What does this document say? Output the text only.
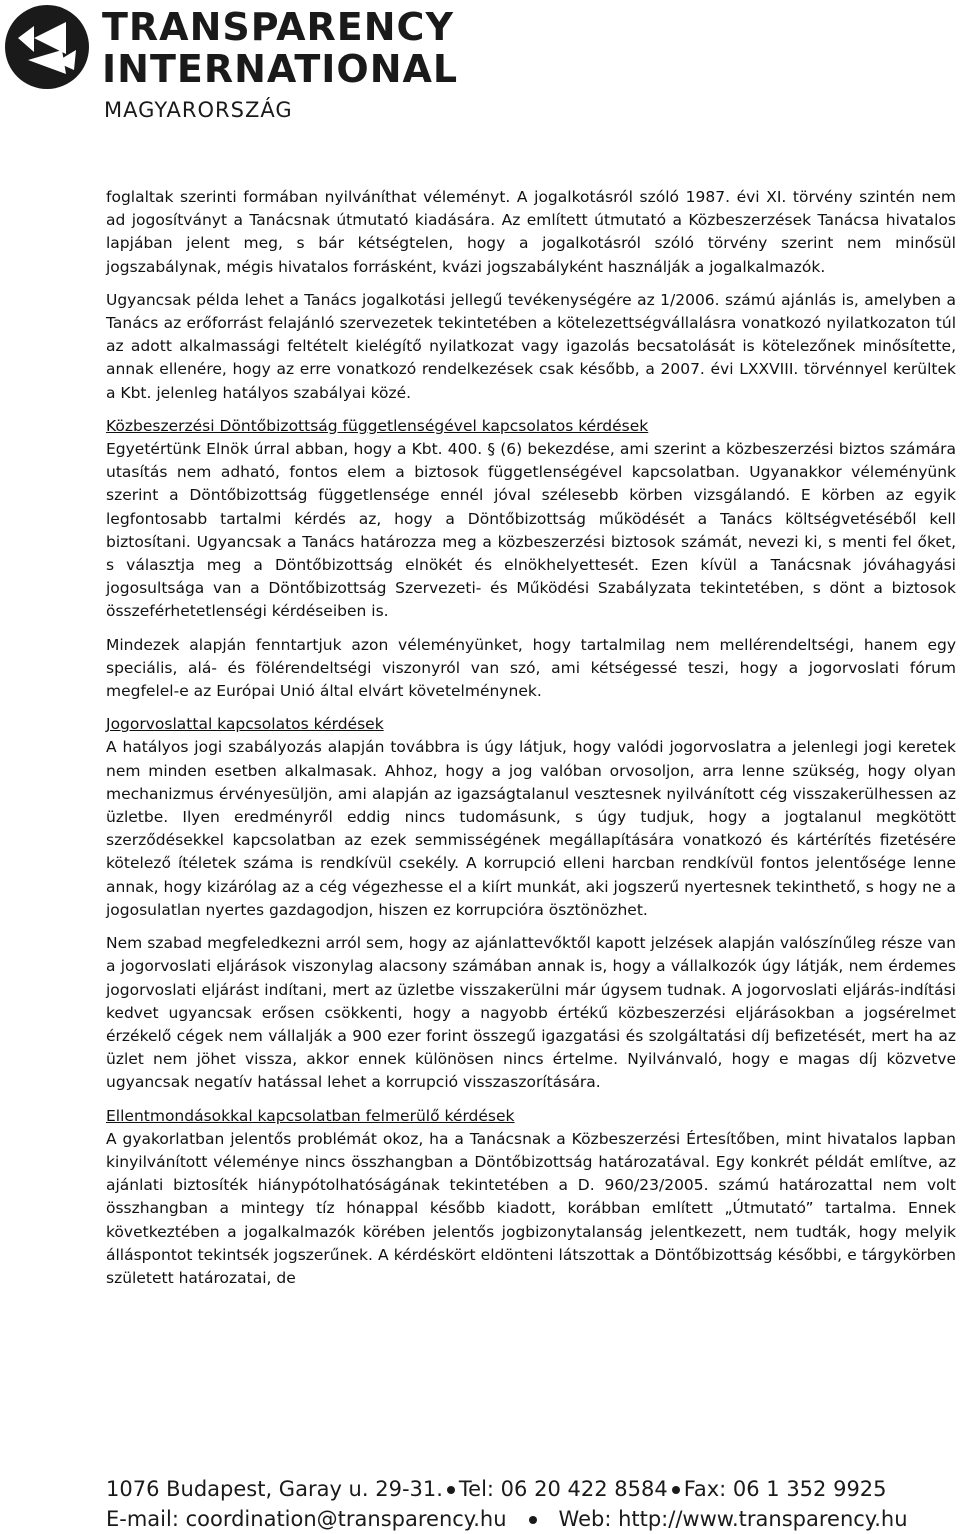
TRANSPARENCY
INTERNATIONAL
MAGYARORSZÁG

foglaltak szerinti formában nyilváníthat véleményt. A jogalkotásról szóló 1987. évi XI. törvény szintén nem ad jogosítványt a Tanácsnak útmutató kiadására. Az említett útmutató a Közbeszerzések Tanácsa hivatalos lapjában jelent meg, s bár kétségtelen, hogy a jogalkotásról szóló törvény szerint nem minősül jogszabálynak, mégis hivatalos forrásként, kvázi jogszabályként használják a jogalkalmazók.

Ugyancsak példa lehet a Tanács jogalkotási jellegű tevékenységére az 1/2006. számú ajánlás is, amelyben a Tanács az erőforrást felajánló szervezetek tekintetében a kötelezettségvállalásra vonatkozó nyilatkozaton túl az adott alkalmassági feltételt kielégítő nyilatkozat vagy igazolás becsatolását is kötelezőnek minősítette, annak ellenére, hogy az erre vonatkozó rendelkezések csak később, a 2007. évi LXXVIII. törvénnyel kerültek a Kbt. jelenleg hatályos szabályai közé.

Közbeszerzési Döntőbizottság függetlenségével kapcsolatos kérdések

Egyetértünk Elnök úrral abban, hogy a Kbt. 400. § (6) bekezdése, ami szerint a közbeszerzési biztos számára utasítás nem adható, fontos elem a biztosok függetlenségével kapcsolatban. Ugyanakkor véleményünk szerint a Döntőbizottság függetlensége ennél jóval szélesebb körben vizsgálandó. E körben az egyik legfontosabb tartalmi kérdés az, hogy a Döntőbizottság működését a Tanács költségvetéséből kell biztosítani. Ugyancsak a Tanács határozza meg a közbeszerzési biztosok számát, nevezi ki, s menti fel őket, s választja meg a Döntőbizottság elnökét és elnökhelyettesét. Ezen kívül a Tanácsnak jóváhagyási jogosultsága van a Döntőbizottság Szervezeti- és Működési Szabályzata tekintetében, s dönt a biztosok összeférhetetlenségi kérdéseiben is.

Mindezek alapján fenntartjuk azon véleményünket, hogy tartalmilag nem mellérendeltségi, hanem egy speciális, alá- és fölérendeltségi viszonyról van szó, ami kétségessé teszi, hogy a jogorvoslati fórum megfelel-e az Európai Unió által elvárt követelménynek.

Jogorvoslattal kapcsolatos kérdések

A hatályos jogi szabályozás alapján továbbra is úgy látjuk, hogy valódi jogorvoslatra a jelenlegi jogi keretek nem minden esetben alkalmasak. Ahhoz, hogy a jog valóban orvosoljon, arra lenne szükség, hogy olyan mechanizmus érvényesüljön, ami alapján az igazságtalanul vesztesnek nyilvánított cég visszakerülhessen az üzletbe. Ilyen eredményről eddig nincs tudomásunk, s úgy tudjuk, hogy a jogtalanul megkötött szerződésekkel kapcsolatban az ezek semmisségének megállapítására vonatkozó és kártérítés fizetésére kötelező ítéletek száma is rendkívül csekély. A korrupció elleni harcban rendkívül fontos jelentősége lenne annak, hogy kizárólag az a cég végezhesse el a kiírt munkát, aki jogszerű nyertesnek tekinthető, s hogy ne a jogosulatlan nyertes gazdagodjon, hiszen ez korrupcióra ösztönözhet.

Nem szabad megfeledkezni arról sem, hogy az ajánlattevőktől kapott jelzések alapján valószínűleg része van a jogorvoslati eljárások viszonylag alacsony számában annak is, hogy a vállalkozók úgy látják, nem érdemes jogorvoslati eljárást indítani, mert az üzletbe visszakerülni már úgysem tudnak. A jogorvoslati eljárás-indítási kedvet ugyancsak erősen csökkenti, hogy a nagyobb értékű közbeszerzési eljárásokban a jogsérelmet érzékelő cégek nem vállalják a 900 ezer forint összegű igazgatási és szolgáltatási díj befizetését, mert ha az üzlet nem jöhet vissza, akkor ennek különösen nincs értelme. Nyilvánvaló, hogy e magas díj közvetve ugyancsak negatív hatással lehet a korrupció visszaszorítására.

Ellentmondásokkal kapcsolatban felmerülő kérdések

A gyakorlatban jelentős problémát okoz, ha a Tanácsnak a Közbeszerzési Értesítőben, mint hivatalos lapban kinyilvánított véleménye nincs összhangban a Döntőbizottság határozatával. Egy konkrét példát említve, az ajánlati biztosíték hiánypótolhatóságának tekintetében a D. 960/23/2005. számú határozattal nem volt összhangban a mintegy tíz hónappal később kiadott, korábban említett „Útmutató” tartalma. Ennek következtében a jogalkalmazók körében jelentős jogbizonytalanság jelentkezett, nem tudták, hogy melyik álláspontot tekintsék jogszerűnek. A kérdéskört eldönteni látszottak a Döntőbizottság későbbi, e tárgykörben született határozatai, de

1076 Budapest, Garay u. 29-31. Tel: 06 20 422 8584 Fax: 06 1 352 9925
E-mail: coordination@transparency.hu Web: http://www.transparency.hu
